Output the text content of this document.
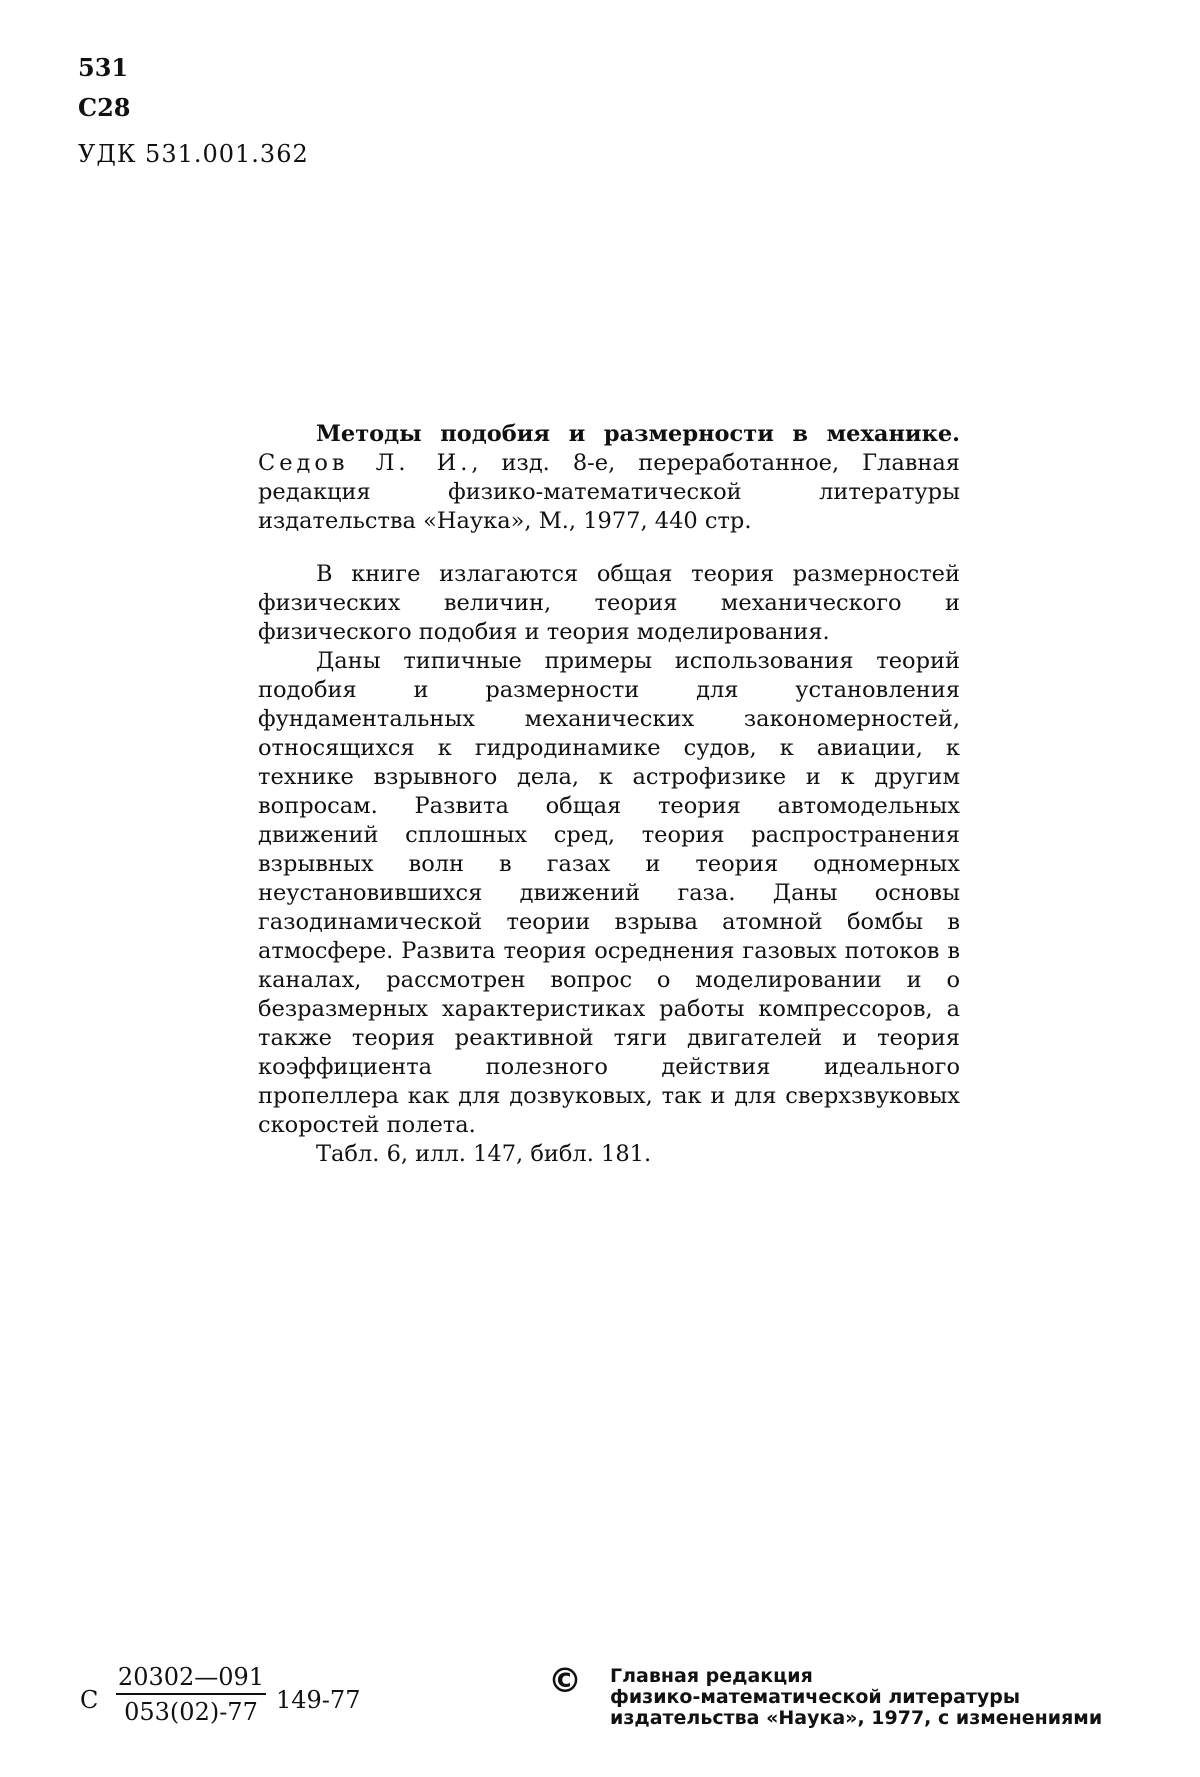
531
С28
УДК 531.001.362
Методы подобия и размерности в механике. Седов Л. И., изд. 8-е, переработанное, Главная редакция физико-математической литературы издательства «Наука», М., 1977, 440 стр.

В книге излагаются общая теория размерностей физических величин, теория механического и физического подобия и теория моделирования.

Даны типичные примеры использования теорий подобия и размерности для установления фундаментальных механических закономерностей, относящихся к гидродинамике судов, к авиации, к технике взрывного дела, к астрофизике и к другим вопросам. Развита общая теория автомодельных движений сплошных сред, теория распространения взрывных волн в газах и теория одномерных неустановившихся движений газа. Даны основы газодинамической теории взрыва атомной бомбы в атмосфере. Развита теория осреднения газовых потоков в каналах, рассмотрен вопрос о моделировании и о безразмерных характеристиках работы компрессоров, а также теория реактивной тяги двигателей и теория коэффициента полезного действия идеального пропеллера как для дозвуковых, так и для сверхзвуковых скоростей полета.

Табл. 6, илл. 147, библ. 181.

С
20302—091
053(02)-77 149-77	© Главная редакция
физико-математической литературы
издательства «Наука», 1977, с изменениями
